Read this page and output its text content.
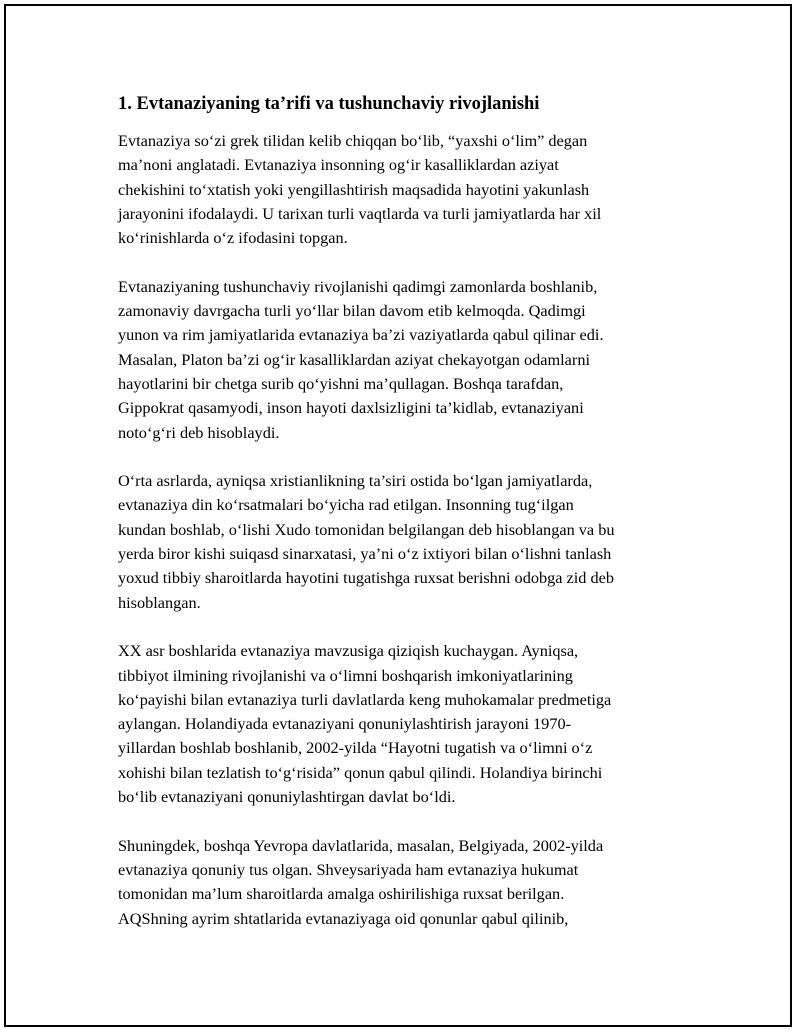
1. Evtanaziyaning ta’rifi va tushunchaviy rivojlanishi
Evtanaziya so‘zi grek tilidan kelib chiqqan bo‘lib, “yaxshi o‘lim” degan
ma’noni anglatadi. Evtanaziya insonning og‘ir kasalliklardan aziyat
chekishini to‘xtatish yoki yengillashtirish maqsadida hayotini yakunlash
jarayonini ifodalaydi. U tarixan turli vaqtlarda va turli jamiyatlarda har xil
ko‘rinishlarda o‘z ifodasini topgan.
Evtanaziyaning tushunchaviy rivojlanishi qadimgi zamonlarda boshlanib,
zamonaviy davrgacha turli yo‘llar bilan davom etib kelmoqda. Qadimgi
yunon va rim jamiyatlarida evtanaziya ba’zi vaziyatlarda qabul qilinar edi.
Masalan, Platon ba’zi og‘ir kasalliklardan aziyat chekayotgan odamlarni
hayotlarini bir chetga surib qo‘yishni ma’qullagan. Boshqa tarafdan,
Gippokrat qasamyodi, inson hayoti daxlsizligini ta’kidlab, evtanaziyani
noto‘g‘ri deb hisoblaydi.
O‘rta asrlarda, ayniqsa xristianlikning ta’siri ostida bo‘lgan jamiyatlarda,
evtanaziya din ko‘rsatmalari bo‘yicha rad etilgan. Insonning tug‘ilgan
kundan boshlab, o‘lishi Xudo tomonidan belgilangan deb hisoblangan va bu
yerda biror kishi suiqasd sinarxatasi, ya’ni o‘z ixtiyori bilan o‘lishni tanlash
yoxud tibbiy sharoitlarda hayotini tugatishga ruxsat berishni odobga zid deb
hisoblangan.
XX asr boshlarida evtanaziya mavzusiga qiziqish kuchaygan. Ayniqsa,
tibbiyot ilmining rivojlanishi va o‘limni boshqarish imkoniyatlarining
ko‘payishi bilan evtanaziya turli davlatlarda keng muhokamalar predmetiga
aylangan. Holandiyada evtanaziyani qonuniylashtirish jarayoni 1970-
yillardan boshlab boshlanib, 2002-yilda “Hayotni tugatish va o‘limni o‘z
xohishi bilan tezlatish to‘g‘risida” qonun qabul qilindi. Holandiya birinchi
bo‘lib evtanaziyani qonuniylashtirgan davlat bo‘ldi.
Shuningdek, boshqa Yevropa davlatlarida, masalan, Belgiyada, 2002-yilda
evtanaziya qonuniy tus olgan. Shveysariyada ham evtanaziya hukumat
tomonidan ma’lum sharoitlarda amalga oshirilishiga ruxsat berilgan.
AQShning ayrim shtatlarida evtanaziyaga oid qonunlar qabul qilinib,
